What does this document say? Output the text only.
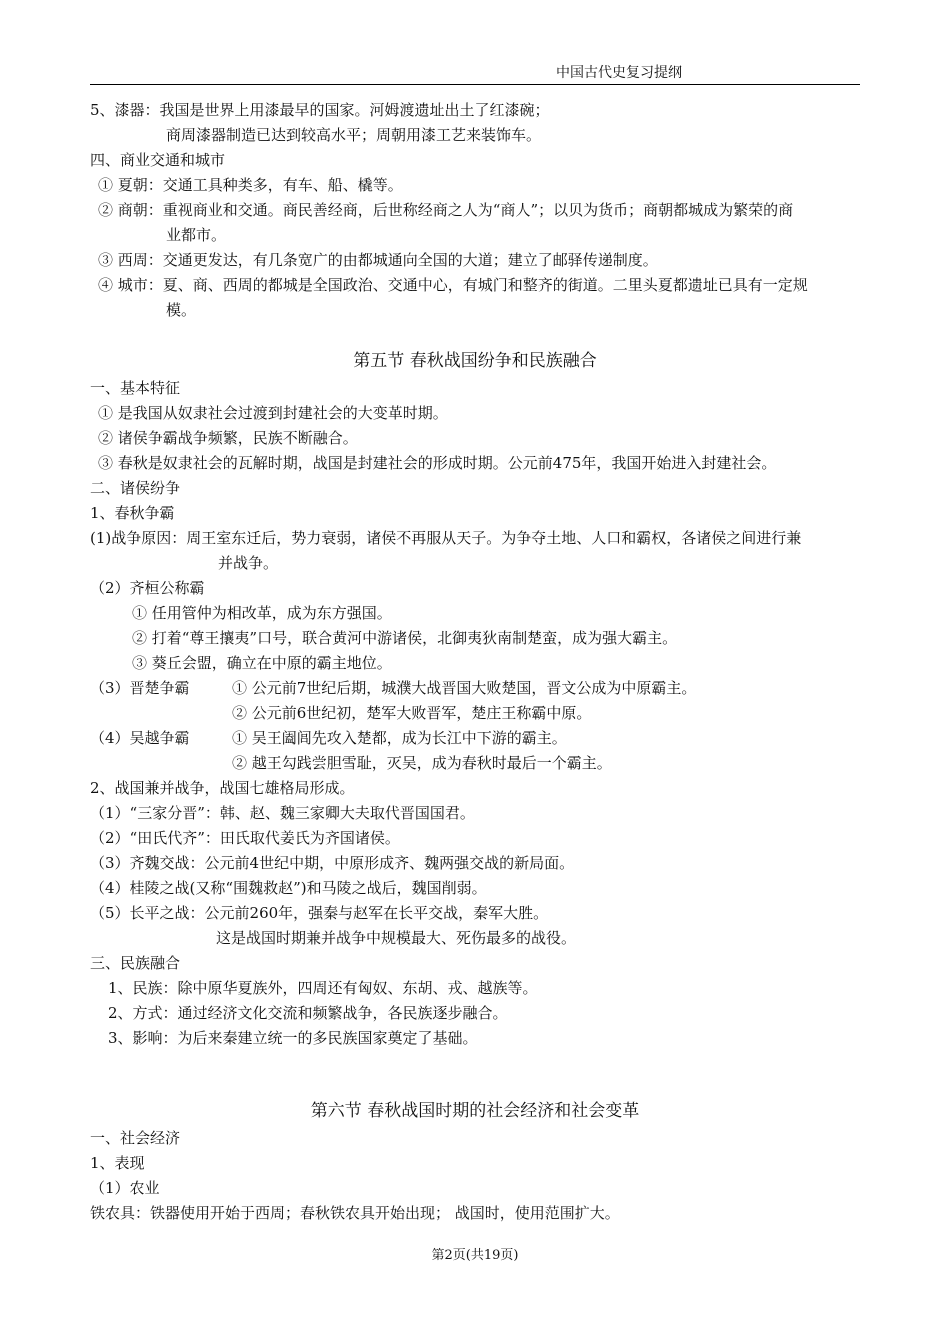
中国古代史复习提纲
5、漆器：我国是世界上用漆最早的国家。河姆渡遗址出土了红漆碗；
商周漆器制造已达到较高水平；周朝用漆工艺来装饰车。
四、商业交通和城市
① 夏朝：交通工具种类多，有车、船、橇等。
② 商朝：重视商业和交通。商民善经商，后世称经商之人为“商人”；以贝为货币；商朝都城成为繁荣的商
业都市。
③ 西周：交通更发达，有几条宽广的由都城通向全国的大道；建立了邮驿传递制度。
④ 城市：夏、商、西周的都城是全国政治、交通中心，有城门和整齐的街道。二里头夏都遗址已具有一定规
模。
第五节 春秋战国纷争和民族融合
一、基本特征
① 是我国从奴隶社会过渡到封建社会的大变革时期。
② 诸侯争霸战争频繁，民族不断融合。
③ 春秋是奴隶社会的瓦解时期，战国是封建社会的形成时期。公元前475年，我国开始进入封建社会。
二、诸侯纷争
1、春秋争霸
(1)战争原因：周王室东迁后，势力衰弱，诸侯不再服从天子。为争夺土地、人口和霸权，各诸侯之间进行兼
并战争。
（2）齐桓公称霸
① 任用管仲为相改革，成为东方强国。
② 打着“尊王攘夷”口号，联合黄河中游诸侯，北御夷狄南制楚蛮，成为强大霸主。
③ 葵丘会盟，确立在中原的霸主地位。
（3）晋楚争霸	① 公元前7世纪后期，城濮大战晋国大败楚国，晋文公成为中原霸主。
② 公元前6世纪初，楚军大败晋军，楚庄王称霸中原。
（4）吴越争霸	① 吴王阖闾先攻入楚都，成为长江中下游的霸主。
② 越王勾践尝胆雪耻，灭吴，成为春秋时最后一个霸主。
2、战国兼并战争，战国七雄格局形成。
（1）“三家分晋”：韩、赵、魏三家卿大夫取代晋国国君。
（2）“田氏代齐”：田氏取代姜氏为齐国诸侯。
（3）齐魏交战：公元前4世纪中期，中原形成齐、魏两强交战的新局面。
（4）桂陵之战(又称“围魏救赵”)和马陵之战后，魏国削弱。
（5）长平之战：公元前260年，强秦与赵军在长平交战，秦军大胜。
这是战国时期兼并战争中规模最大、死伤最多的战役。
三、民族融合
1、民族：除中原华夏族外，四周还有匈奴、东胡、戎、越族等。
2、方式：通过经济文化交流和频繁战争，各民族逐步融合。
3、影响：为后来秦建立统一的多民族国家奠定了基础。
第六节 春秋战国时期的社会经济和社会变革
一、社会经济
1、表现
（1）农业
铁农具：铁器使用开始于西周；春秋铁农具开始出现； 战国时，使用范围扩大。
第2页(共19页)
